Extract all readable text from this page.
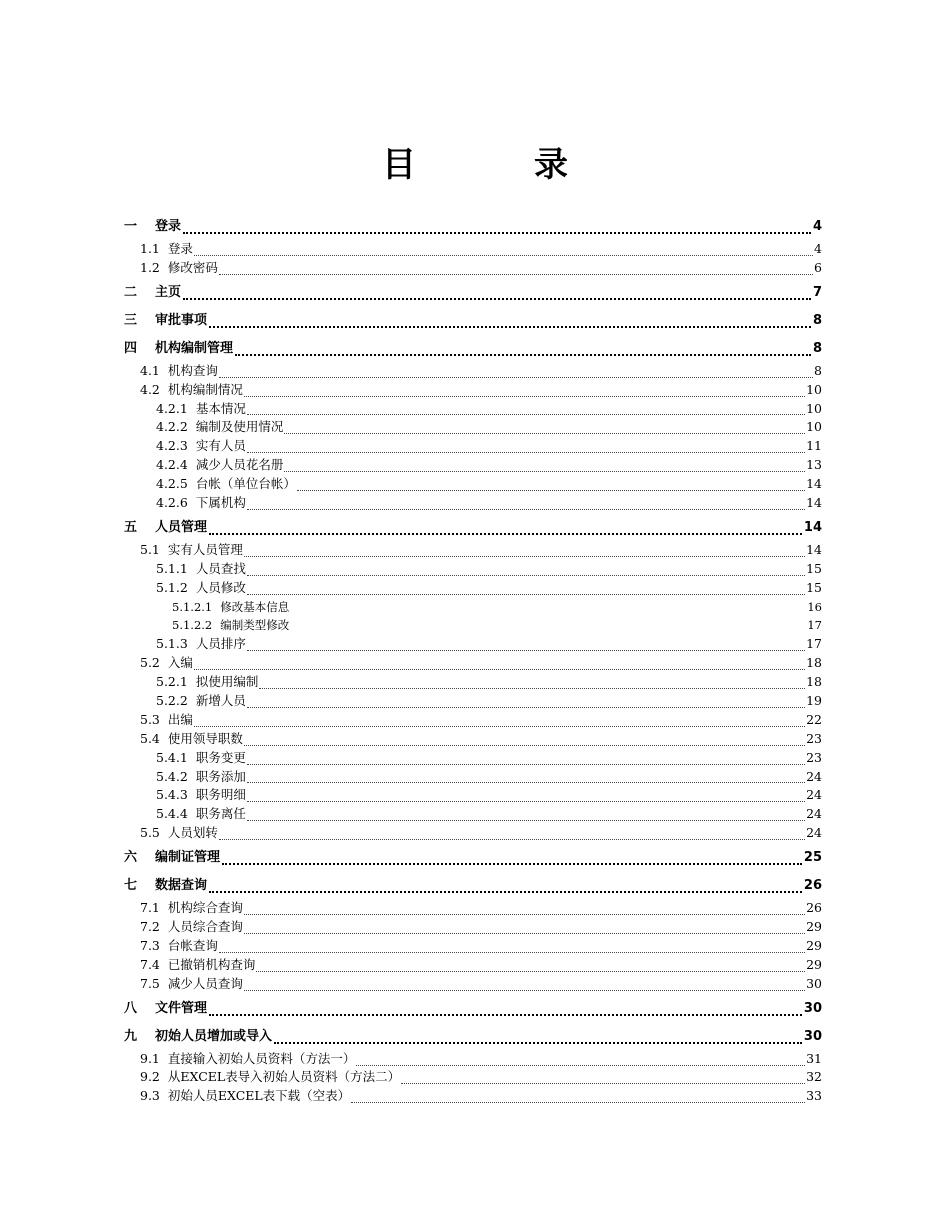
目　录
一 登录	4
1.1 登录	4
1.2 修改密码	6
二 主页	7
三 审批事项	8
四 机构编制管理	8
4.1 机构查询	8
4.2 机构编制情况	10
4.2.1 基本情况	10
4.2.2 编制及使用情况	10
4.2.3 实有人员	11
4.2.4 减少人员花名册	13
4.2.5 台帐（单位台帐）	14
4.2.6 下属机构	14
五 人员管理	14
5.1 实有人员管理	14
5.1.1 人员查找	15
5.1.2 人员修改	15
5.1.2.1 修改基本信息	16
5.1.2.2 编制类型修改	17
5.1.3 人员排序	17
5.2 入编	18
5.2.1 拟使用编制	18
5.2.2 新增人员	19
5.3 出编	22
5.4 使用领导职数	23
5.4.1 职务变更	23
5.4.2 职务添加	24
5.4.3 职务明细	24
5.4.4 职务离任	24
5.5 人员划转	24
六 编制证管理	25
七 数据查询	26
7.1 机构综合查询	26
7.2 人员综合查询	29
7.3 台帐查询	29
7.4 已撤销机构查询	29
7.5 减少人员查询	30
八 文件管理	30
九 初始人员增加或导入	30
9.1 直接输入初始人员资料（方法一）	31
9.2 从EXCEL表导入初始人员资料（方法二）	32
9.3 初始人员EXCEL表下载（空表）	33
